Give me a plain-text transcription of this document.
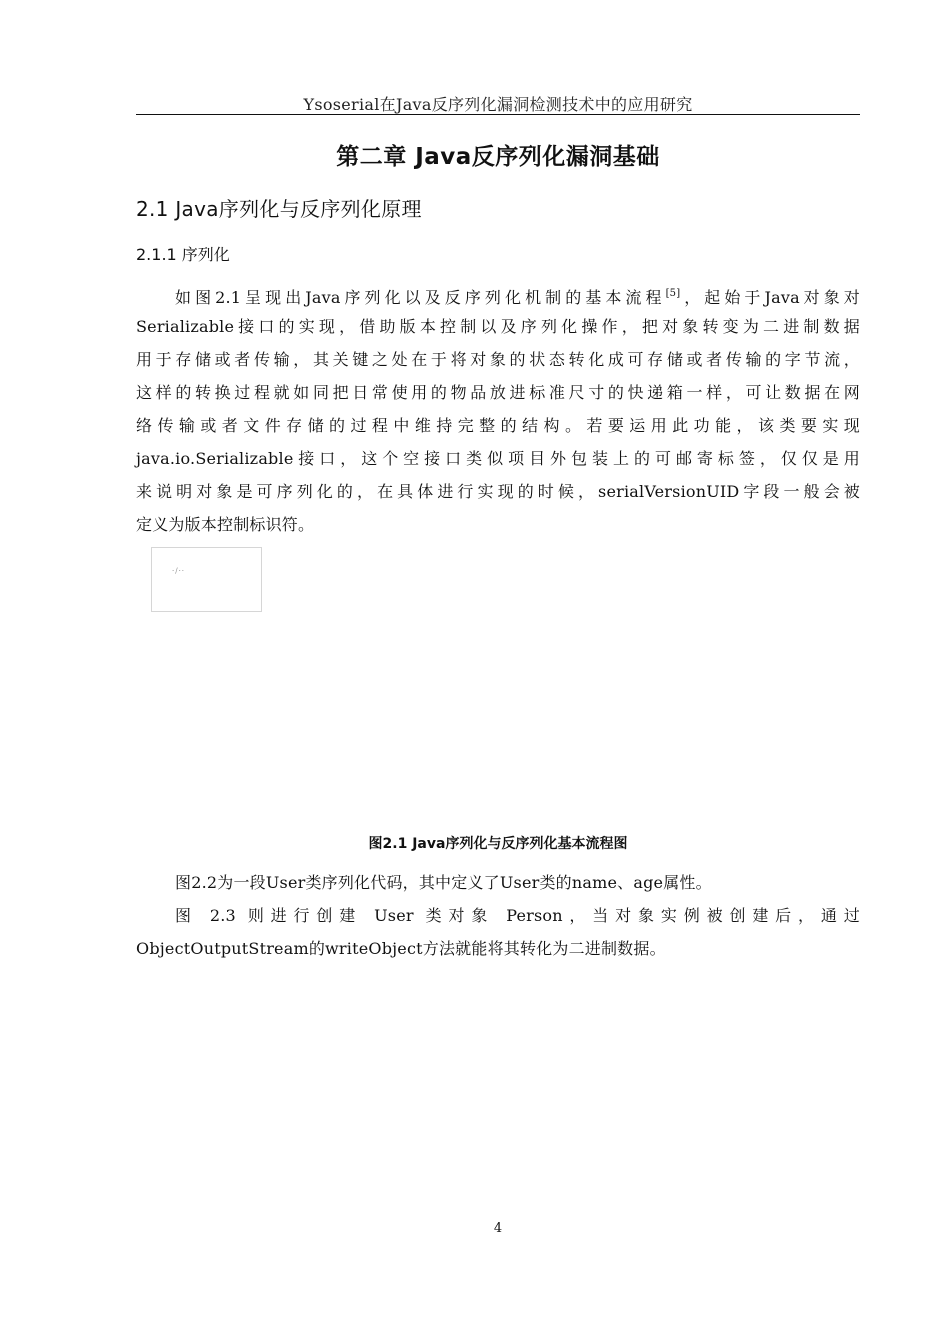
Ysoserial在Java反序列化漏洞检测技术中的应用研究
第二章 Java反序列化漏洞基础
2.1 Java序列化与反序列化原理
2.1.1 序列化
如图2.1呈现出Java序列化以及反序列化机制的基本流程[5]，起始于Java对象对
Serializable接口的实现，借助版本控制以及序列化操作，把对象转变为二进制数据
用于存储或者传输，其关键之处在于将对象的状态转化成可存储或者传输的字节流，
这样的转换过程就如同把日常使用的物品放进标准尺寸的快递箱一样，可让数据在网
络传输或者文件存储的过程中维持完整的结构。若要运用此功能，该类要实现
java.io.Serializable接口，这个空接口类似项目外包装上的可邮寄标签，仅仅是用
来说明对象是可序列化的，在具体进行实现的时候，serialVersionUID字段一般会被
定义为版本控制标识符。
·/··
图2.1 Java序列化与反序列化基本流程图
图2.2为一段User类序列化代码，其中定义了User类的name、age属性。
图 2.3 则进行创建 User 类对象 Person，当对象实例被创建后，通过
ObjectOutputStream的writeObject方法就能将其转化为二进制数据。
4
